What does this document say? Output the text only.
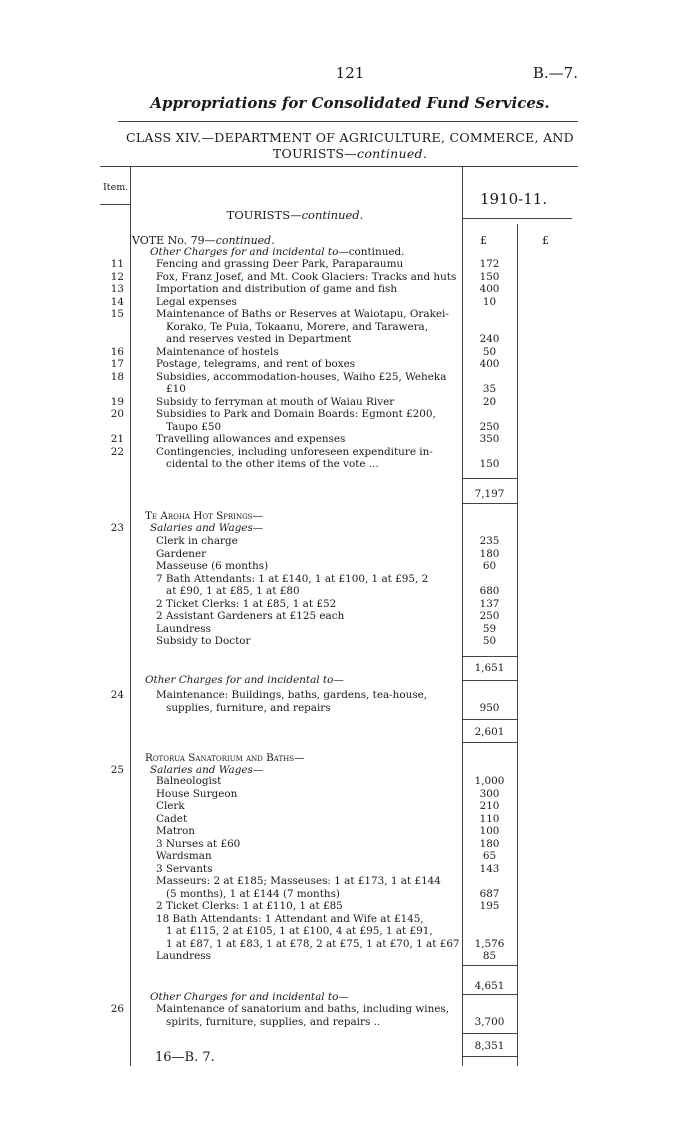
121	B.—7.
Appropriations for Consolidated Fund Services.
CLASS XIV.—DEPARTMENT OF AGRICULTURE, COMMERCE, AND
TOURISTS—continued.
Item.
1910-11.
TOURISTS—continued.
£	£
VOTE No. 79—continued.
Other Charges for and incidental to—continued.
11	Fencing and grassing Deer Park, Paraparaumu	172
12	Fox, Franz Josef, and Mt. Cook Glaciers: Tracks and huts	150
13	Importation and distribution of game and fish	400
14	Legal expenses	10
15	Maintenance of Baths or Reserves at Waiotapu, Orakei-
Korako, Te Puia, Tokaanu, Morere, and Tarawera,
and reserves vested in Department	240
16	Maintenance of hostels	50
17	Postage, telegrams, and rent of boxes	400
18	Subsidies, accommodation-houses, Waiho £25, Weheka
£10	35
19	Subsidy to ferryman at mouth of Waiau River	20
20	Subsidies to Park and Domain Boards: Egmont £200,
Taupo £50	250
21	Travelling allowances and expenses	350
22	Contingencies, including unforeseen expenditure in-
cidental to the other items of the vote ...	150
7,197
Te Aroha Hot Springs—
23	Salaries and Wages—
Clerk in charge	235
Gardener	180
Masseuse (6 months)	60
7 Bath Attendants: 1 at £140, 1 at £100, 1 at £95, 2
at £90, 1 at £85, 1 at £80	680
2 Ticket Clerks: 1 at £85, 1 at £52	137
2 Assistant Gardeners at £125 each	250
Laundress	59
Subsidy to Doctor	50
1,651
Other Charges for and incidental to—
24	Maintenance: Buildings, baths, gardens, tea-house,
supplies, furniture, and repairs	950
2,601
Rotorua Sanatorium and Baths—
25	Salaries and Wages—
Balneologist	1,000
House Surgeon	300
Clerk	210
Cadet	110
Matron	100
3 Nurses at £60	180
Wardsman	65
3 Servants	143
Masseurs: 2 at £185; Masseuses: 1 at £173, 1 at £144
(5 months), 1 at £144 (7 months)	687
2 Ticket Clerks: 1 at £110, 1 at £85	195
18 Bath Attendants: 1 Attendant and Wife at £145,
1 at £115, 2 at £105, 1 at £100, 4 at £95, 1 at £91,
1 at £87, 1 at £83, 1 at £78, 2 at £75, 1 at £70, 1 at £67	1,576
Laundress	85
4,651
Other Charges for and incidental to—
26	Maintenance of sanatorium and baths, including wines,
spirits, furniture, supplies, and repairs ..	3,700
8,351
16—B. 7.
